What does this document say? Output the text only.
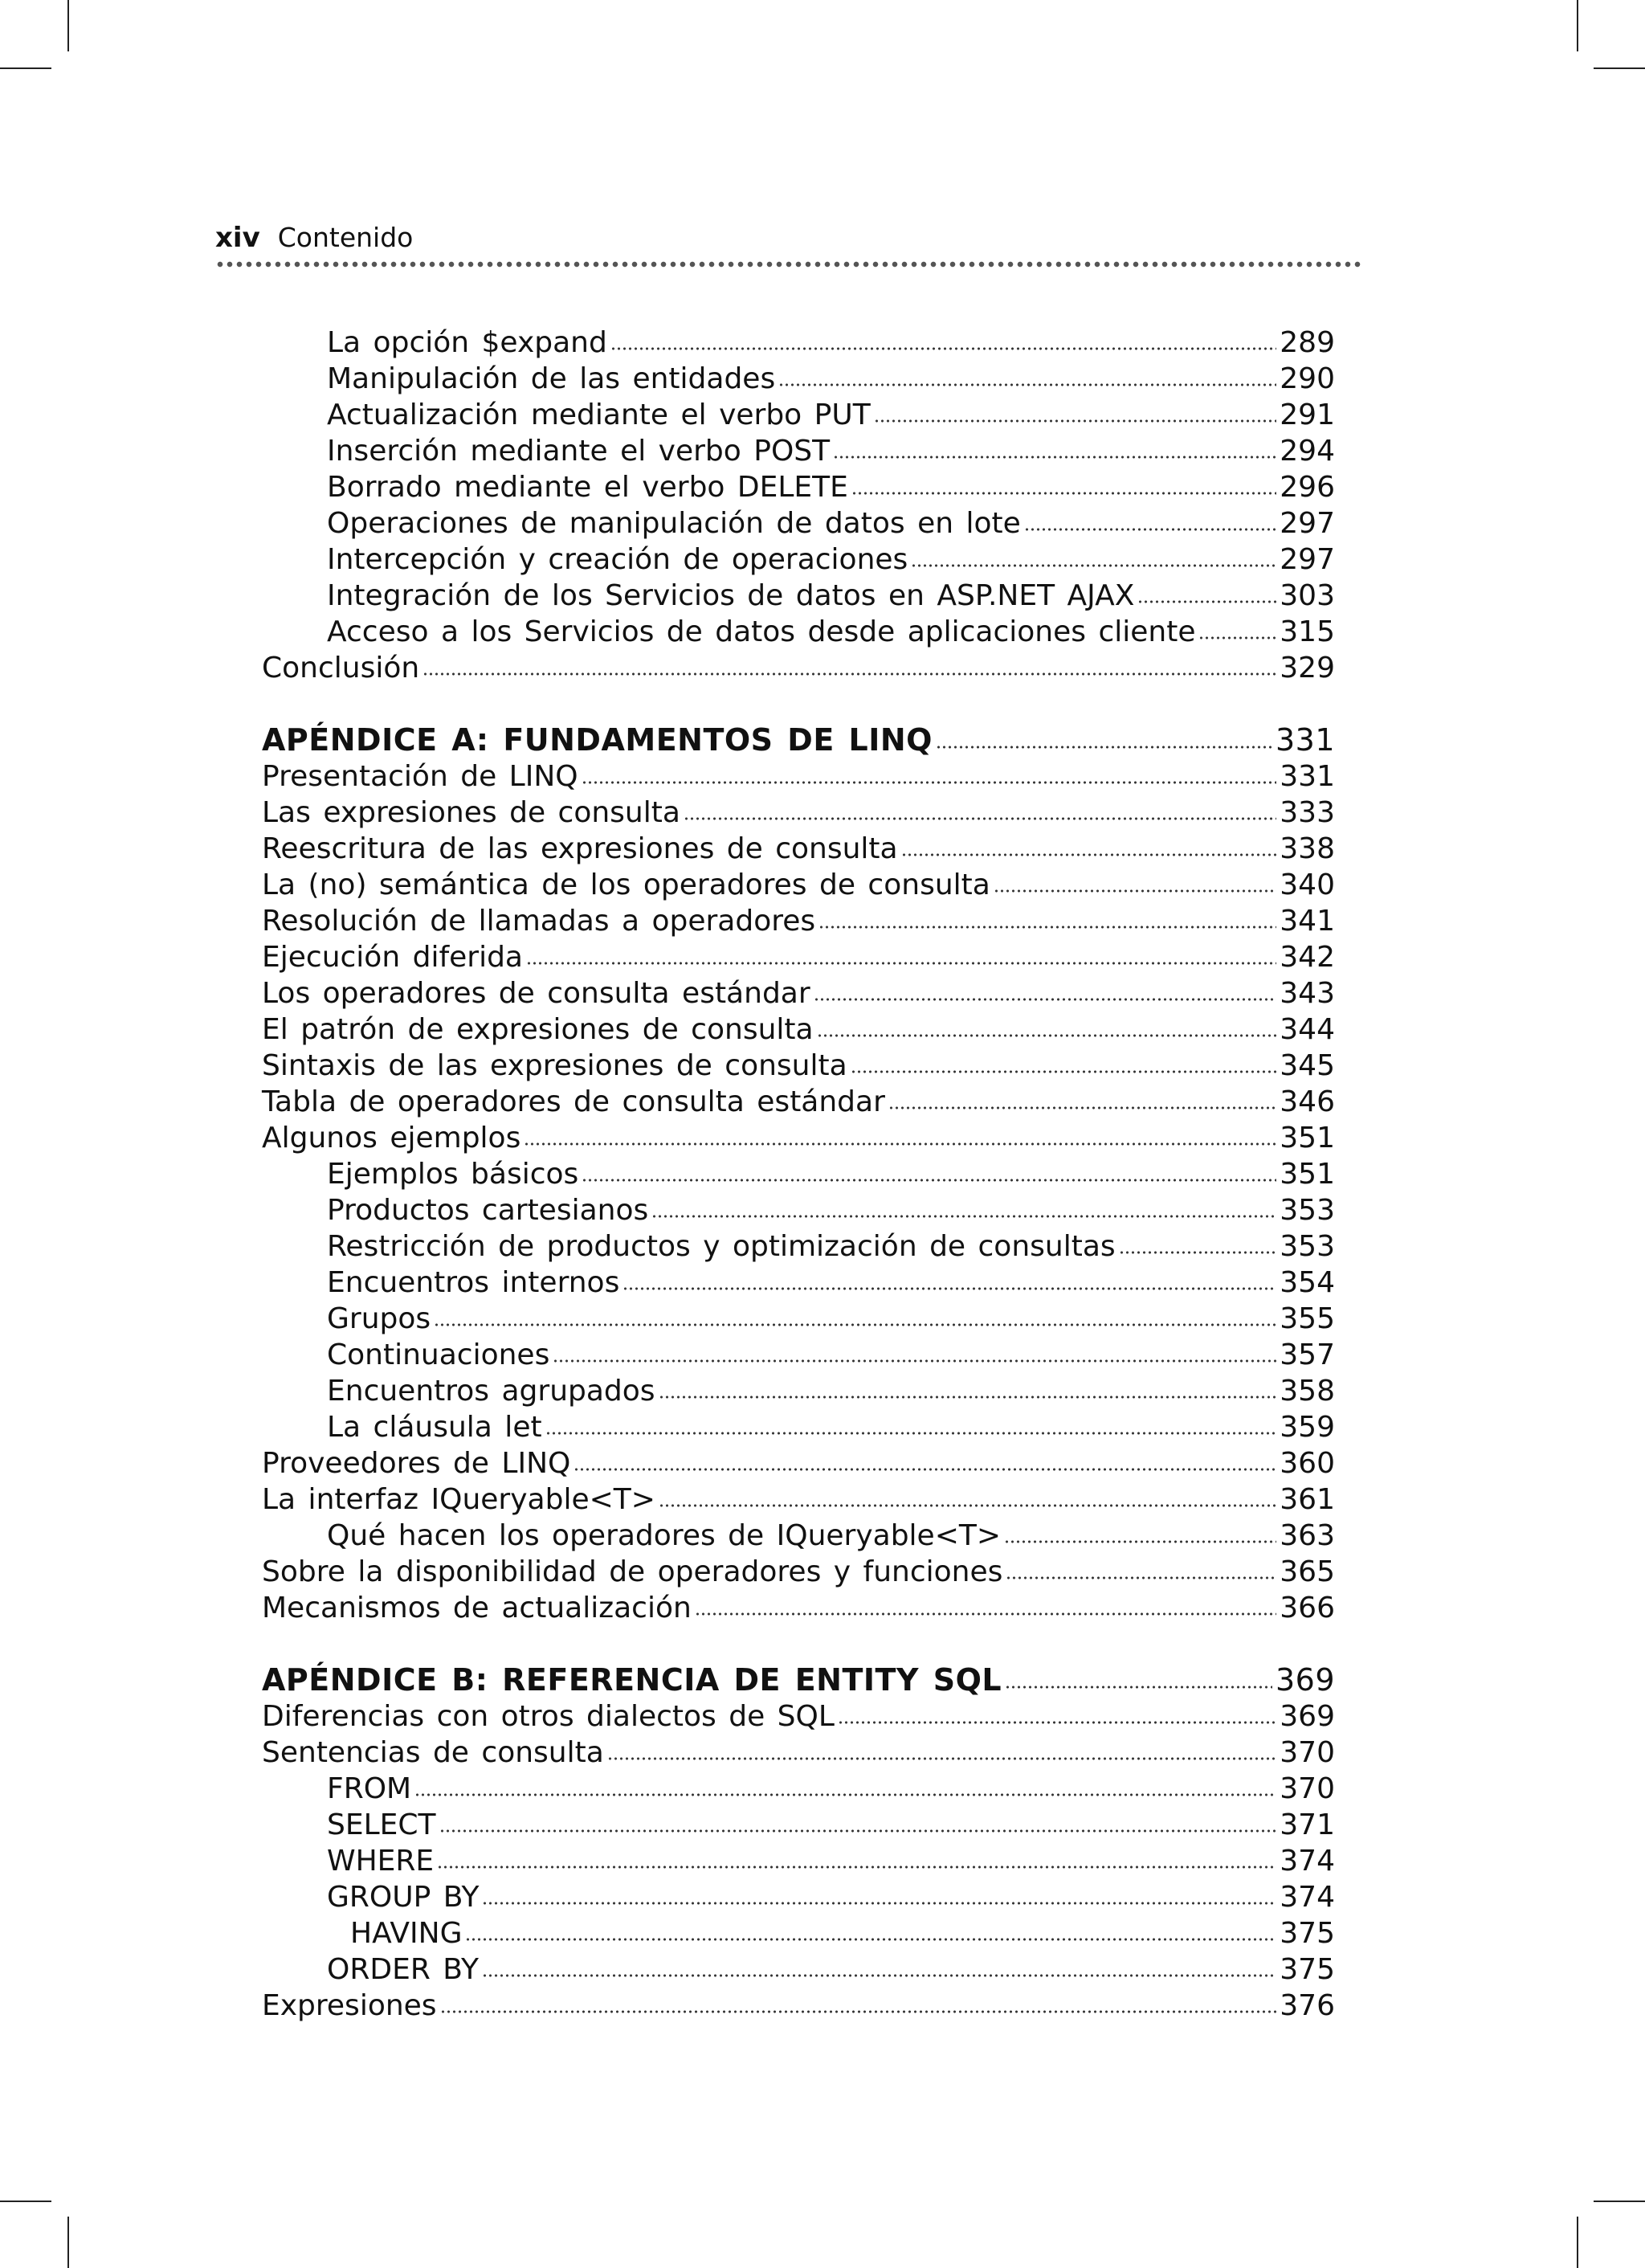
xiv Contenido
La opción $expand	289
Manipulación de las entidades	290
Actualización mediante el verbo PUT	291
Inserción mediante el verbo POST	294
Borrado mediante el verbo DELETE	296
Operaciones de manipulación de datos en lote	297
Intercepción y creación de operaciones	297
Integración de los Servicios de datos en ASP.NET AJAX	303
Acceso a los Servicios de datos desde aplicaciones cliente	315
Conclusión	329
APÉNDICE A: FUNDAMENTOS DE LINQ	331
Presentación de LINQ	331
Las expresiones de consulta	333
Reescritura de las expresiones de consulta	338
La (no) semántica de los operadores de consulta	340
Resolución de llamadas a operadores	341
Ejecución diferida	342
Los operadores de consulta estándar	343
El patrón de expresiones de consulta	344
Sintaxis de las expresiones de consulta	345
Tabla de operadores de consulta estándar	346
Algunos ejemplos	351
Ejemplos básicos	351
Productos cartesianos	353
Restricción de productos y optimización de consultas	353
Encuentros internos	354
Grupos	355
Continuaciones	357
Encuentros agrupados	358
La cláusula let	359
Proveedores de LINQ	360
La interfaz IQueryable<T>	361
Qué hacen los operadores de IQueryable<T>	363
Sobre la disponibilidad de operadores y funciones	365
Mecanismos de actualización	366
APÉNDICE B: REFERENCIA DE ENTITY SQL	369
Diferencias con otros dialectos de SQL	369
Sentencias de consulta	370
FROM	370
SELECT	371
WHERE	374
GROUP BY	374
HAVING	375
ORDER BY	375
Expresiones	376
